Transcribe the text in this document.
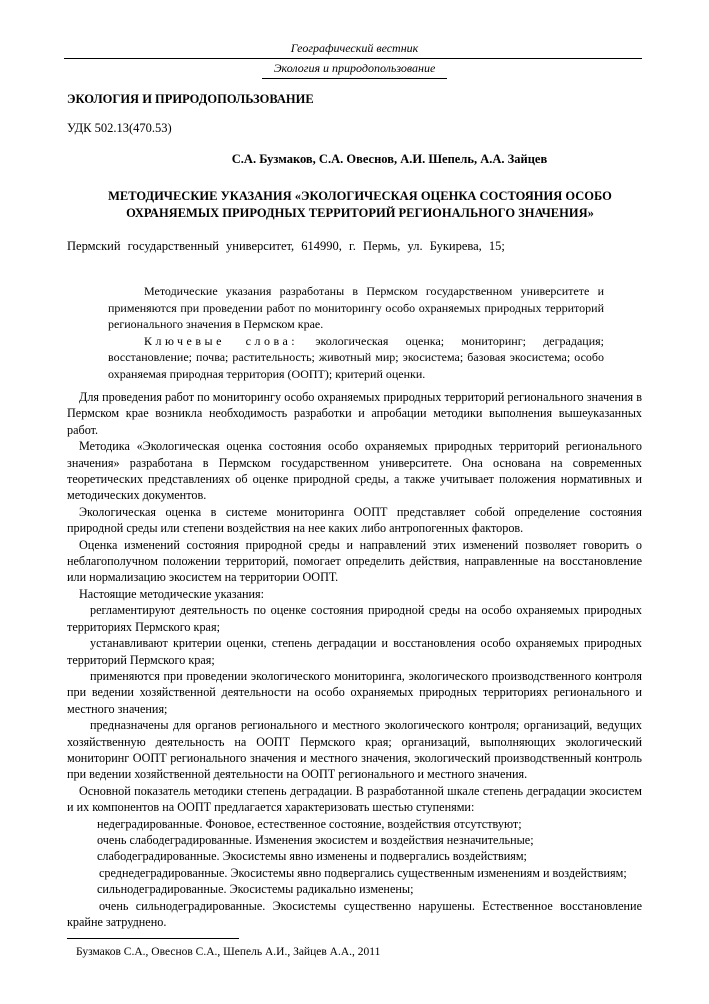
Географический вестник
Экология и природопользование
ЭКОЛОГИЯ И ПРИРОДОПОЛЬЗОВАНИЕ
УДК 502.13(470.53)
С.А. Бузмаков, С.А. Овеснов, А.И. Шепель, А.А. Зайцев
МЕТОДИЧЕСКИЕ УКАЗАНИЯ «ЭКОЛОГИЧЕСКАЯ ОЦЕНКА СОСТОЯНИЯ ОСОБО
ОХРАНЯЕМЫХ ПРИРОДНЫХ ТЕРРИТОРИЙ РЕГИОНАЛЬНОГО ЗНАЧЕНИЯ»
Пермский государственный университет, 614990, г. Пермь, ул. Букирева, 15;

Методические указания разработаны в Пермском государственном университете и применяются при проведении работ по мониторингу особо охраняемых природных территорий регионального значения в Пермском крае.

Ключевые слова: экологическая оценка; мониторинг; деградация; восстановление; почва; растительность; животный мир; экосистема; базовая экосистема; особо охраняемая природная территория (ООПТ); критерий оценки.

Для проведения работ по мониторингу особо охраняемых природных территорий регионального значения в Пермском крае возникла необходимость разработки и апробации методики выполнения вышеуказанных работ.

Методика «Экологическая оценка состояния особо охраняемых природных территорий регионального значения» разработана в Пермском государственном университете. Она основана на современных теоретических представлениях об оценке природной среды, а также учитывает положения нормативных и методических документов.

Экологическая оценка в системе мониторинга ООПТ представляет собой определение состояния природной среды или степени воздействия на нее каких либо антропогенных факторов.

Оценка изменений состояния природной среды и направлений этих изменений позволяет говорить о неблагополучном положении территорий, помогает определить действия, направленные на восстановление или нормализацию экосистем на территории ООПТ.

Настоящие методические указания:

регламентируют деятельность по оценке состояния природной среды на особо охраняемых природных территориях Пермского края;

устанавливают критерии оценки, степень деградации и восстановления особо охраняемых природных территорий Пермского края;

применяются при проведении экологического мониторинга, экологического производственного контроля при ведении хозяйственной деятельности на особо охраняемых природных территориях регионального и местного значения;

предназначены для органов регионального и местного экологического контроля; организаций, ведущих хозяйственную деятельность на ООПТ Пермского края; организаций, выполняющих экологический мониторинг ООПТ регионального значения и местного значения, экологический производственный контроль при ведении хозяйственной деятельности на ООПТ регионального и местного значения.

Основной показатель методики степень деградации. В разработанной шкале степень деградации экосистем и их компонентов на ООПТ предлагается характеризовать шестью ступенями:

недеградированные. Фоновое, естественное состояние, воздействия отсутствуют;

очень слабодеградированные. Изменения экосистем и воздействия незначительные;

слабодеградированные. Экосистемы явно изменены и подвергались воздействиям;

среднедеградированные. Экосистемы явно подвергались существенным изменениям и воздействиям;

сильнодеградированные. Экосистемы радикально изменены;

очень сильнодеградированные. Экосистемы существенно нарушены. Естественное восстановление крайне затруднено.

Бузмаков С.А., Овеснов С.А., Шепель А.И., Зайцев А.А., 2011
